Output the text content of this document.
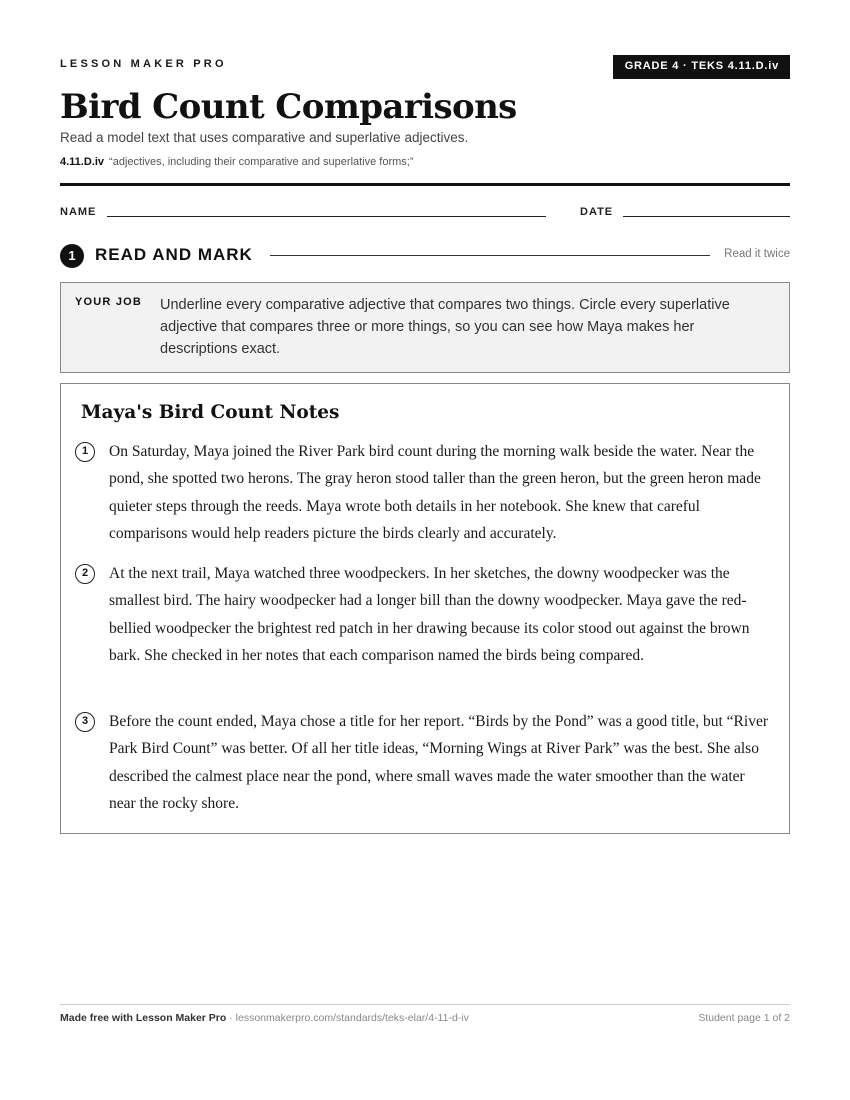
LESSON MAKER PRO	GRADE 4 · TEKS 4.11.D.iv
Bird Count Comparisons
Read a model text that uses comparative and superlative adjectives.
4.11.D.iv “adjectives, including their comparative and superlative forms;”
NAME	DATE
1	READ AND MARK	Read it twice
YOUR JOB Underline every comparative adjective that compares two things. Circle every superlative adjective that compares three or more things, so you can see how Maya makes her descriptions exact.
Maya's Bird Count Notes
1	On Saturday, Maya joined the River Park bird count during the morning walk beside the water. Near the pond, she spotted two herons. The gray heron stood taller than the green heron, but the green heron made quieter steps through the reeds. Maya wrote both details in her notebook. She knew that careful comparisons would help readers picture the birds clearly and accurately.
2	At the next trail, Maya watched three woodpeckers. In her sketches, the downy woodpecker was the smallest bird. The hairy woodpecker had a longer bill than the downy woodpecker. Maya gave the red-bellied woodpecker the brightest red patch in her drawing because its color stood out against the brown bark. She checked in her notes that each comparison named the birds being compared.
3	Before the count ended, Maya chose a title for her report. “Birds by the Pond” was a good title, but “River Park Bird Count” was better. Of all her title ideas, “Morning Wings at River Park” was the best. She also described the calmest place near the pond, where small waves made the water smoother than the water near the rocky shore.
Made free with Lesson Maker Pro · lessonmakerpro.com/standards/teks-elar/4-11-d-iv	Student page 1 of 2
